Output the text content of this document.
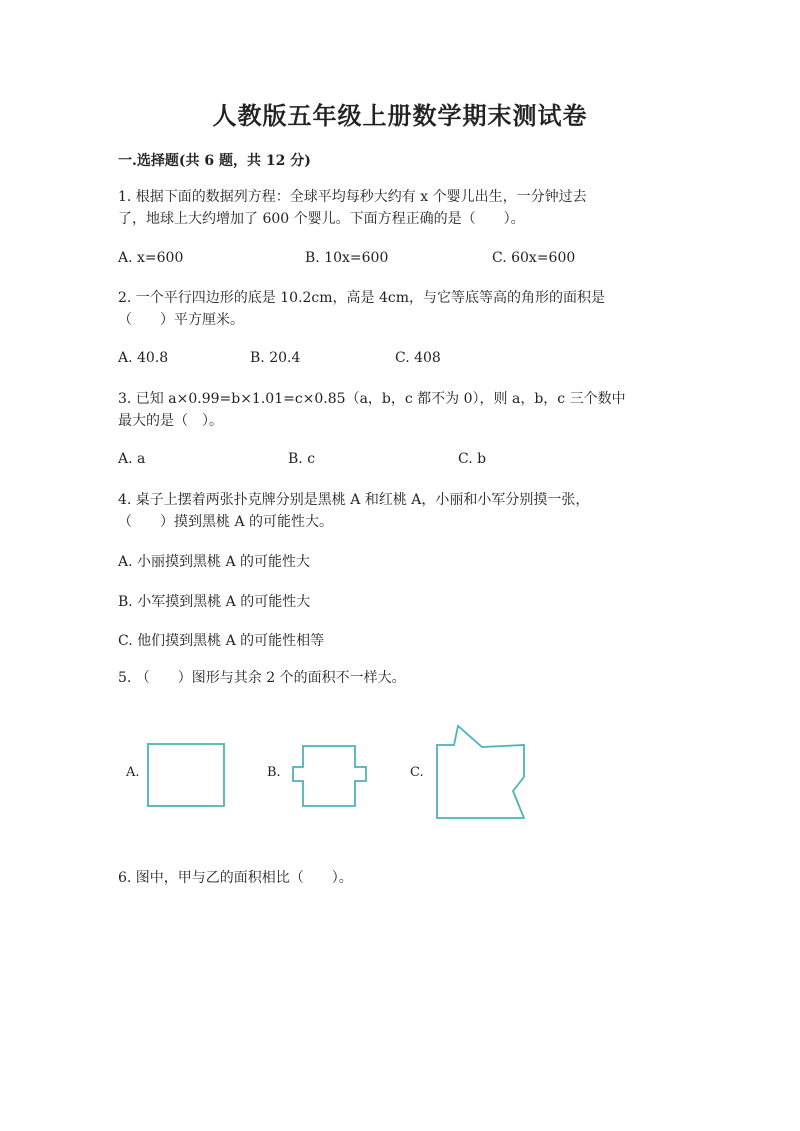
人教版五年级上册数学期末测试卷
一.选择题(共 6 题，共 12 分)
1. 根据下面的数据列方程：全球平均每秒大约有 x 个婴儿出生，一分钟过去
了，地球上大约增加了 600 个婴儿。下面方程正确的是（　　）。
A. x=600	B. 10x=600	C. 60x=600
2. 一个平行四边形的底是 10.2cm，高是 4cm，与它等底等高的角形的面积是
（　　）平方厘米。
A. 40.8	B. 20.4	C. 408
3. 已知 a×0.99=b×1.01=c×0.85（a，b，c 都不为 0），则 a，b，c 三个数中
最大的是（　）。
A. a	B. c	C. b
4. 桌子上摆着两张扑克牌分别是黑桃 A 和红桃 A，小丽和小军分别摸一张，
（　　）摸到黑桃 A 的可能性大。
A. 小丽摸到黑桃 A 的可能性大
B. 小军摸到黑桃 A 的可能性大
C. 他们摸到黑桃 A 的可能性相等
5. （　　）图形与其余 2 个的面积不一样大。
A.	B.	C.
6. 图中，甲与乙的面积相比（　　）。
